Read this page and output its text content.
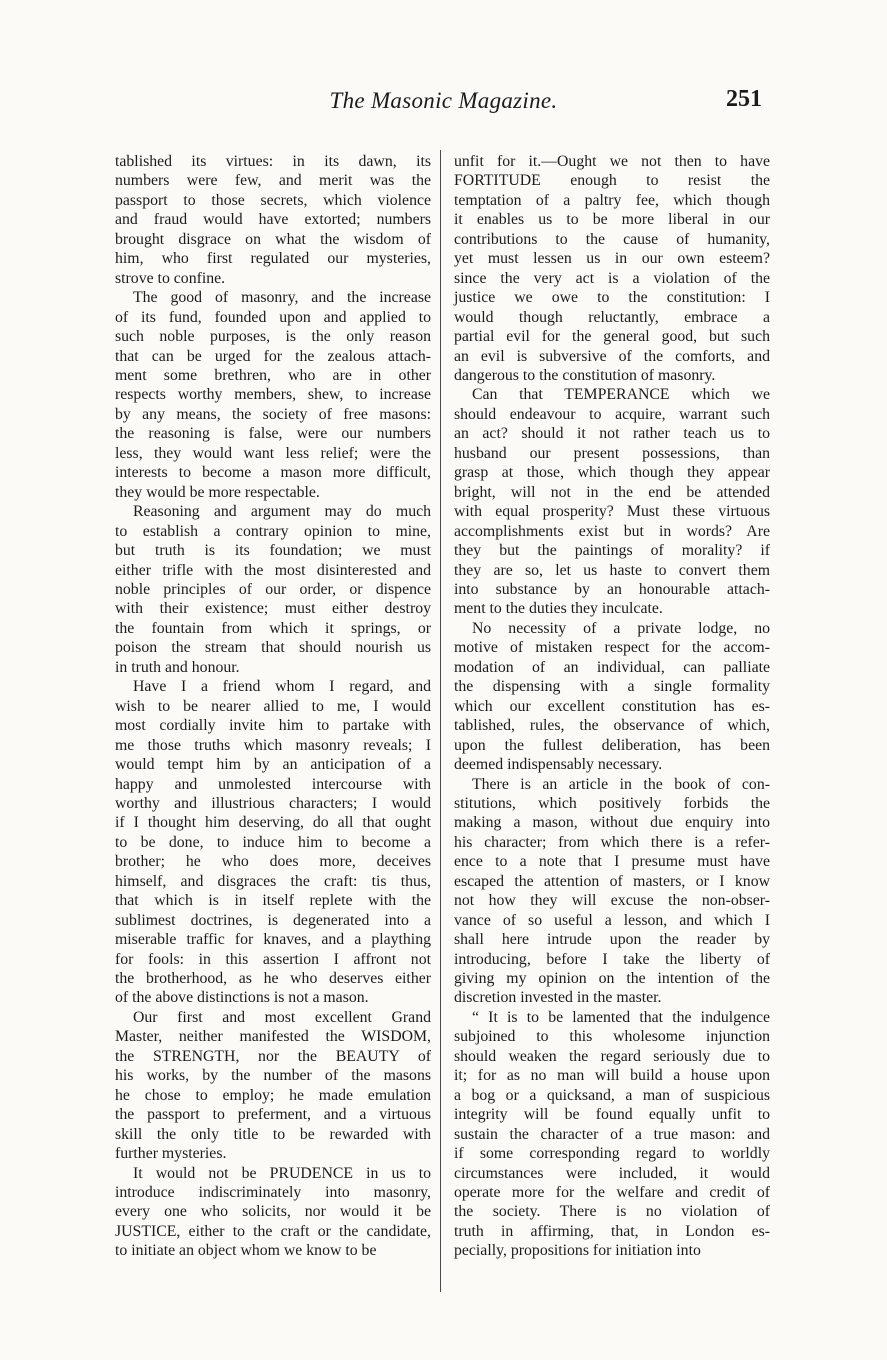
The Masonic Magazine.	251
tablished its virtues: in its dawn, its
numbers were few, and merit was the
passport to those secrets, which violence
and fraud would have extorted; numbers
brought disgrace on what the wisdom of
him, who first regulated our mysteries,
strove to confine.
The good of masonry, and the increase
of its fund, founded upon and applied to
such noble purposes, is the only reason
that can be urged for the zealous attach-
ment some brethren, who are in other
respects worthy members, shew, to increase
by any means, the society of free masons:
the reasoning is false, were our numbers
less, they would want less relief; were the
interests to become a mason more difficult,
they would be more respectable.
Reasoning and argument may do much
to establish a contrary opinion to mine,
but truth is its foundation; we must
either trifle with the most disinterested and
noble principles of our order, or dispence
with their existence; must either destroy
the fountain from which it springs, or
poison the stream that should nourish us
in truth and honour.
Have I a friend whom I regard, and
wish to be nearer allied to me, I would
most cordially invite him to partake with
me those truths which masonry reveals; I
would tempt him by an anticipation of a
happy and unmolested intercourse with
worthy and illustrious characters; I would
if I thought him deserving, do all that ought
to be done, to induce him to become a
brother; he who does more, deceives
himself, and disgraces the craft: tis thus,
that which is in itself replete with the
sublimest doctrines, is degenerated into a
miserable traffic for knaves, and a plaything
for fools: in this assertion I affront not
the brotherhood, as he who deserves either
of the above distinctions is not a mason.
Our first and most excellent Grand
Master, neither manifested the WISDOM,
the STRENGTH, nor the BEAUTY of
his works, by the number of the masons
he chose to employ; he made emulation
the passport to preferment, and a virtuous
skill the only title to be rewarded with
further mysteries.
It would not be PRUDENCE in us to
introduce indiscriminately into masonry,
every one who solicits, nor would it be
JUSTICE, either to the craft or the candidate,
to initiate an object whom we know to be
unfit for it.—Ought we not then to have
FORTITUDE enough to resist the
temptation of a paltry fee, which though
it enables us to be more liberal in our
contributions to the cause of humanity,
yet must lessen us in our own esteem?
since the very act is a violation of the
justice we owe to the constitution: I
would though reluctantly, embrace a
partial evil for the general good, but such
an evil is subversive of the comforts, and
dangerous to the constitution of masonry.
Can that TEMPERANCE which we
should endeavour to acquire, warrant such
an act? should it not rather teach us to
husband our present possessions, than
grasp at those, which though they appear
bright, will not in the end be attended
with equal prosperity? Must these virtuous
accomplishments exist but in words? Are
they but the paintings of morality? if
they are so, let us haste to convert them
into substance by an honourable attach-
ment to the duties they inculcate.
No necessity of a private lodge, no
motive of mistaken respect for the accom-
modation of an individual, can palliate
the dispensing with a single formality
which our excellent constitution has es-
tablished, rules, the observance of which,
upon the fullest deliberation, has been
deemed indispensably necessary.
There is an article in the book of con-
stitutions, which positively forbids the
making a mason, without due enquiry into
his character; from which there is a refer-
ence to a note that I presume must have
escaped the attention of masters, or I know
not how they will excuse the non-obser-
vance of so useful a lesson, and which I
shall here intrude upon the reader by
introducing, before I take the liberty of
giving my opinion on the intention of the
discretion invested in the master.
“ It is to be lamented that the indulgence
subjoined to this wholesome injunction
should weaken the regard seriously due to
it; for as no man will build a house upon
a bog or a quicksand, a man of suspicious
integrity will be found equally unfit to
sustain the character of a true mason: and
if some corresponding regard to worldly
circumstances were included, it would
operate more for the welfare and credit of
the society. There is no violation of
truth in affirming, that, in London es-
pecially, propositions for initiation into
